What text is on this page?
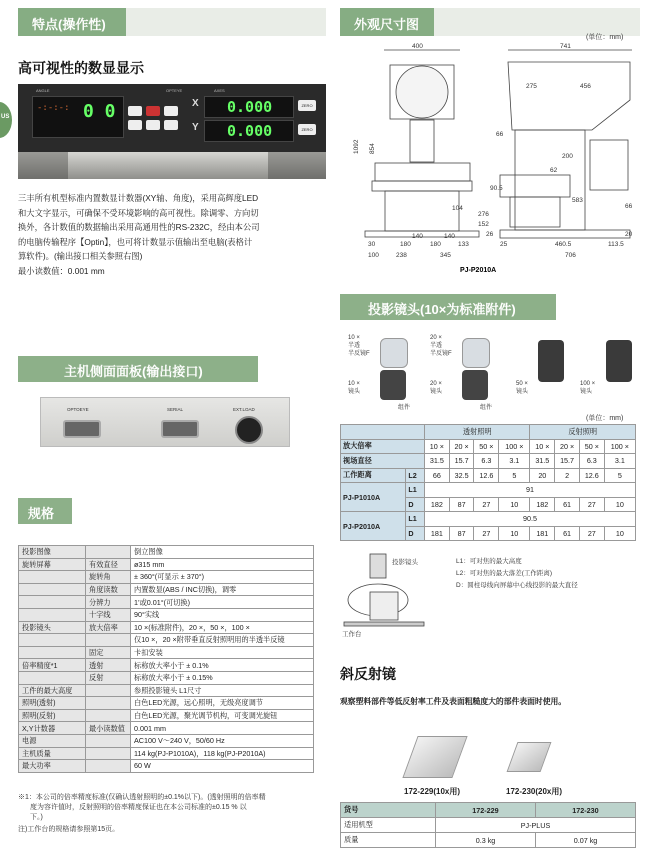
特点(操作性)
高可视性的数显显示
US
ANGLE	OPTEYE	AXES
-:-:-: 0 0	X
Y
0.000
0.000
ZERO
ZERO
三丰所有机型标准内置数显计数器(XY轴、角度)，采用高辉度LED
和大文字显示，可确保不受环境影响的高可视性。除调零、方向切
换外，各计数值的数据输出采用高通用性的RS-232C，经由本公司
的电脑传输程序【Optin】，也可将计数显示值输出至电脑(表格计
算软件)。(输出接口相关参照右图)
最小读数值：0.001 mm
主机侧面面板(输出接口)
OPTOEYE	SERIAL	EXT.LOAD
规格
投影图像		倒立图像
旋转屏幕	有效直径	ø315 mm
	旋转角	± 360°(可显示 ± 370°)
	角度读数	内置数显(ABS / INC切换)，调零
	分辨力	1’或0.01°(可切换)
	十字线	90°实线
投影镜头	放大倍率	10 ×(标准附件)，20 ×，50 ×，100 ×
		仅10 ×，20 ×附带垂直反射照明用的半透半反镜
	固定	卡扣安装
倍率精度*1	透射	标称放大率小于 ± 0.1%
	反射	标称放大率小于 ± 0.15%
工件的最大高度		参照投影镜头 L1尺寸
照明(透射)		白色LED光源，远心照明，无级亮度调节
照明(反射)		白色LED光源，聚光调节机构，可变调光旋钮
X,Y计数器	最小读数值	0.001 mm
电源		AC100 V～240 V，50/60 Hz
主机质量		114 kg(PJ-P1010A)，118 kg(PJ-P2010A)
最大功率		60 W
※1：本公司的倍率精度标准(仅确认透射照明的±0.1%以下)。(透射照明的倍率精
度为容许值时，反射照明的倍率精度保证也在本公司标准的±0.15 % 以
下。)
注)工作台的规格请参照第15页。
外观尺寸图
(单位：mm)
400	741
275	456
1092 854
66
200
62
90.5
583
104
276
152
140	140
30	180	180	133
100	238	345
460.5	113.5
706
25
20
66
26
PJ-P2010A
投影镜头(10×为标准附件)
10 ×
半透
半反镜F
10 ×
镜头
组件
20 ×
半透
半反镜F
20 ×
镜头
组件
50 ×
镜头
100 ×
镜头
(单位：mm)
		透射照明				反射照明			
放大倍率		10 ×	20 ×	50 ×	100 ×	10 ×	20 ×	50 ×	100 ×
视场直径		31.5	15.7	6.3	3.1	31.5	15.7	6.3	3.1
工作距离	L2	66	32.5	12.6	5	20	2	12.6	5
PJ-P1010A	L1	91							
	D	182	87	27	10	182	61	27	10
PJ-P2010A	L1	90.5							
	D	181	87	27	10	181	61	27	10
投影镜头
工作台
L1：可对焦的最大高度
L2：可对焦的最大落差(工作距离)
D：圆柱母线向屏幕中心线投影的最大直径
斜反射镜
观察塑料部件等低反射率工件及表面粗糙度大的部件表面时使用。
172-229(10x用)	172-230(20x用)
货号	172-229	172-230
适用机型	PJ-PLUS	
质量	0.3 kg	0.07 kg
